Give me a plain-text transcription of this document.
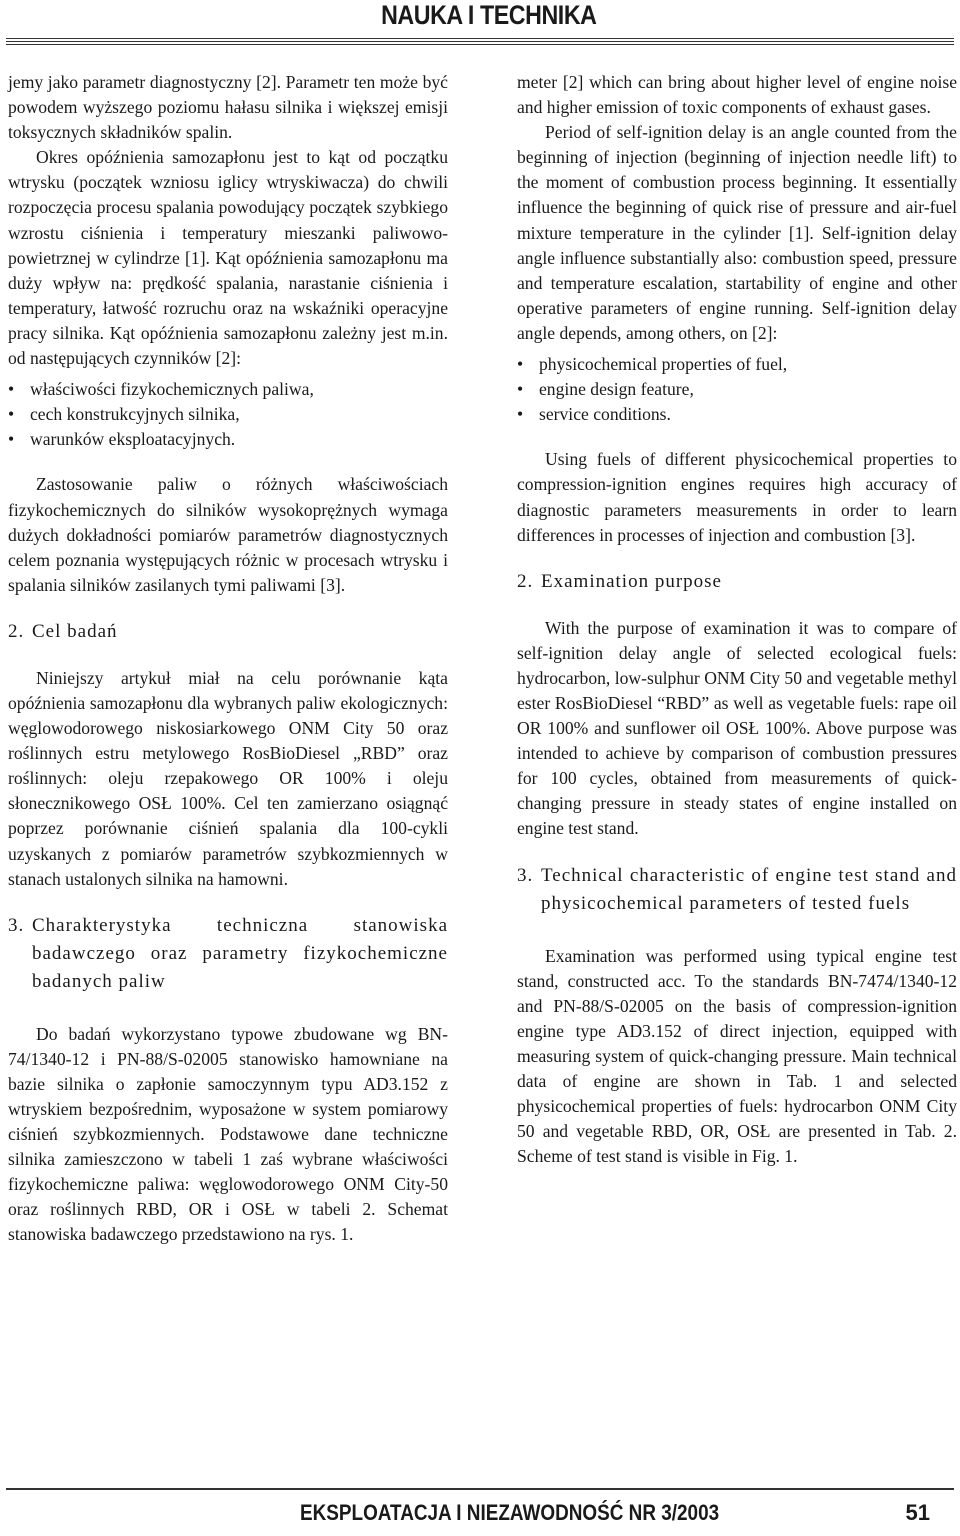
NAUKA I TECHNIKA

jemy jako parametr diagnostyczny [2]. Parametr ten może być powodem wyższego poziomu hałasu silnika i większej emisji toksycznych składników spalin.

Okres opóźnienia samozapłonu jest to kąt od początku wtrysku (początek wzniosu iglicy wtryskiwacza) do chwili rozpoczęcia procesu spalania powodujący początek szybkiego wzrostu ciśnienia i temperatury mieszanki paliwowo-powietrznej w cylindrze [1]. Kąt opóźnienia samozapłonu ma duży wpływ na: prędkość spalania, narastanie ciśnienia i temperatury, łatwość rozruchu oraz na wskaźniki operacyjne pracy silnika. Kąt opóźnienia samozapłonu zależny jest m.in. od następujących czynników [2]:

• właściwości fizykochemicznych paliwa,
• cech konstrukcyjnych silnika,
• warunków eksploatacyjnych.

Zastosowanie paliw o różnych właściwościach fizykochemicznych do silników wysokoprężnych wymaga dużych dokładności pomiarów parametrów diagnostycznych celem poznania występujących różnic w procesach wtrysku i spalania silników zasilanych tymi paliwami [3].

2. Cel badań

Niniejszy artykuł miał na celu porównanie kąta opóźnienia samozapłonu dla wybranych paliw ekologicznych: węglowodorowego niskosiarkowego ONM City 50 oraz roślinnych estru metylowego RosBioDiesel „RBD” oraz roślinnych: oleju rzepakowego OR 100% i oleju słonecznikowego OSŁ 100%. Cel ten zamierzano osiągnąć poprzez porównanie ciśnień spalania dla 100-cykli uzyskanych z pomiarów parametrów szybkozmiennych w stanach ustalonych silnika na hamowni.

3. Charakterystyka techniczna stanowiska badawczego oraz parametry fizykochemiczne badanych paliw

Do badań wykorzystano typowe zbudowane wg BN-74/1340-12 i PN-88/S-02005 stanowisko hamowniane na bazie silnika o zapłonie samoczynnym typu AD3.152 z wtryskiem bezpośrednim, wyposażone w system pomiarowy ciśnień szybkozmiennych. Podstawowe dane techniczne silnika zamieszczono w tabeli 1 zaś wybrane właściwości fizykochemiczne paliwa: węglowodorowego ONM City-50 oraz roślinnych RBD, OR i OSŁ w tabeli 2. Schemat stanowiska badawczego przedstawiono na rys. 1.

meter [2] which can bring about higher level of engine noise and higher emission of toxic components of exhaust gases.

Period of self-ignition delay is an angle counted from the beginning of injection (beginning of injection needle lift) to the moment of combustion process beginning. It essentially influence the beginning of quick rise of pressure and air-fuel mixture temperature in the cylinder [1]. Self-ignition delay angle influence substantially also: combustion speed, pressure and temperature escalation, startability of engine and other operative parameters of engine running. Self-ignition delay angle depends, among others, on [2]:

• physicochemical properties of fuel,
• engine design feature,
• service conditions.

Using fuels of different physicochemical properties to compression-ignition engines requires high accuracy of diagnostic parameters measurements in order to learn differences in processes of injection and combustion [3].

2. Examination purpose

With the purpose of examination it was to compare of self-ignition delay angle of selected ecological fuels: hydrocarbon, low-sulphur ONM City 50 and vegetable methyl ester RosBioDiesel “RBD” as well as vegetable fuels: rape oil OR 100% and sunflower oil OSŁ 100%. Above purpose was intended to achieve by comparison of combustion pressures for 100 cycles, obtained from measurements of quick-changing pressure in steady states of engine installed on engine test stand.

3. Technical characteristic of engine test stand and physicochemical parameters of tested fuels

Examination was performed using typical engine test stand, constructed acc. To the standards BN-7474/1340-12 and PN-88/S-02005 on the basis of compression-ignition engine type AD3.152 of direct injection, equipped with measuring system of quick-changing pressure. Main technical data of engine are shown in Tab. 1 and selected physicochemical properties of fuels: hydrocarbon ONM City 50 and vegetable RBD, OR, OSŁ are presented in Tab. 2. Scheme of test stand is visible in Fig. 1.

EKSPLOATACJA I NIEZAWODNOŚĆ NR 3/2003	51
